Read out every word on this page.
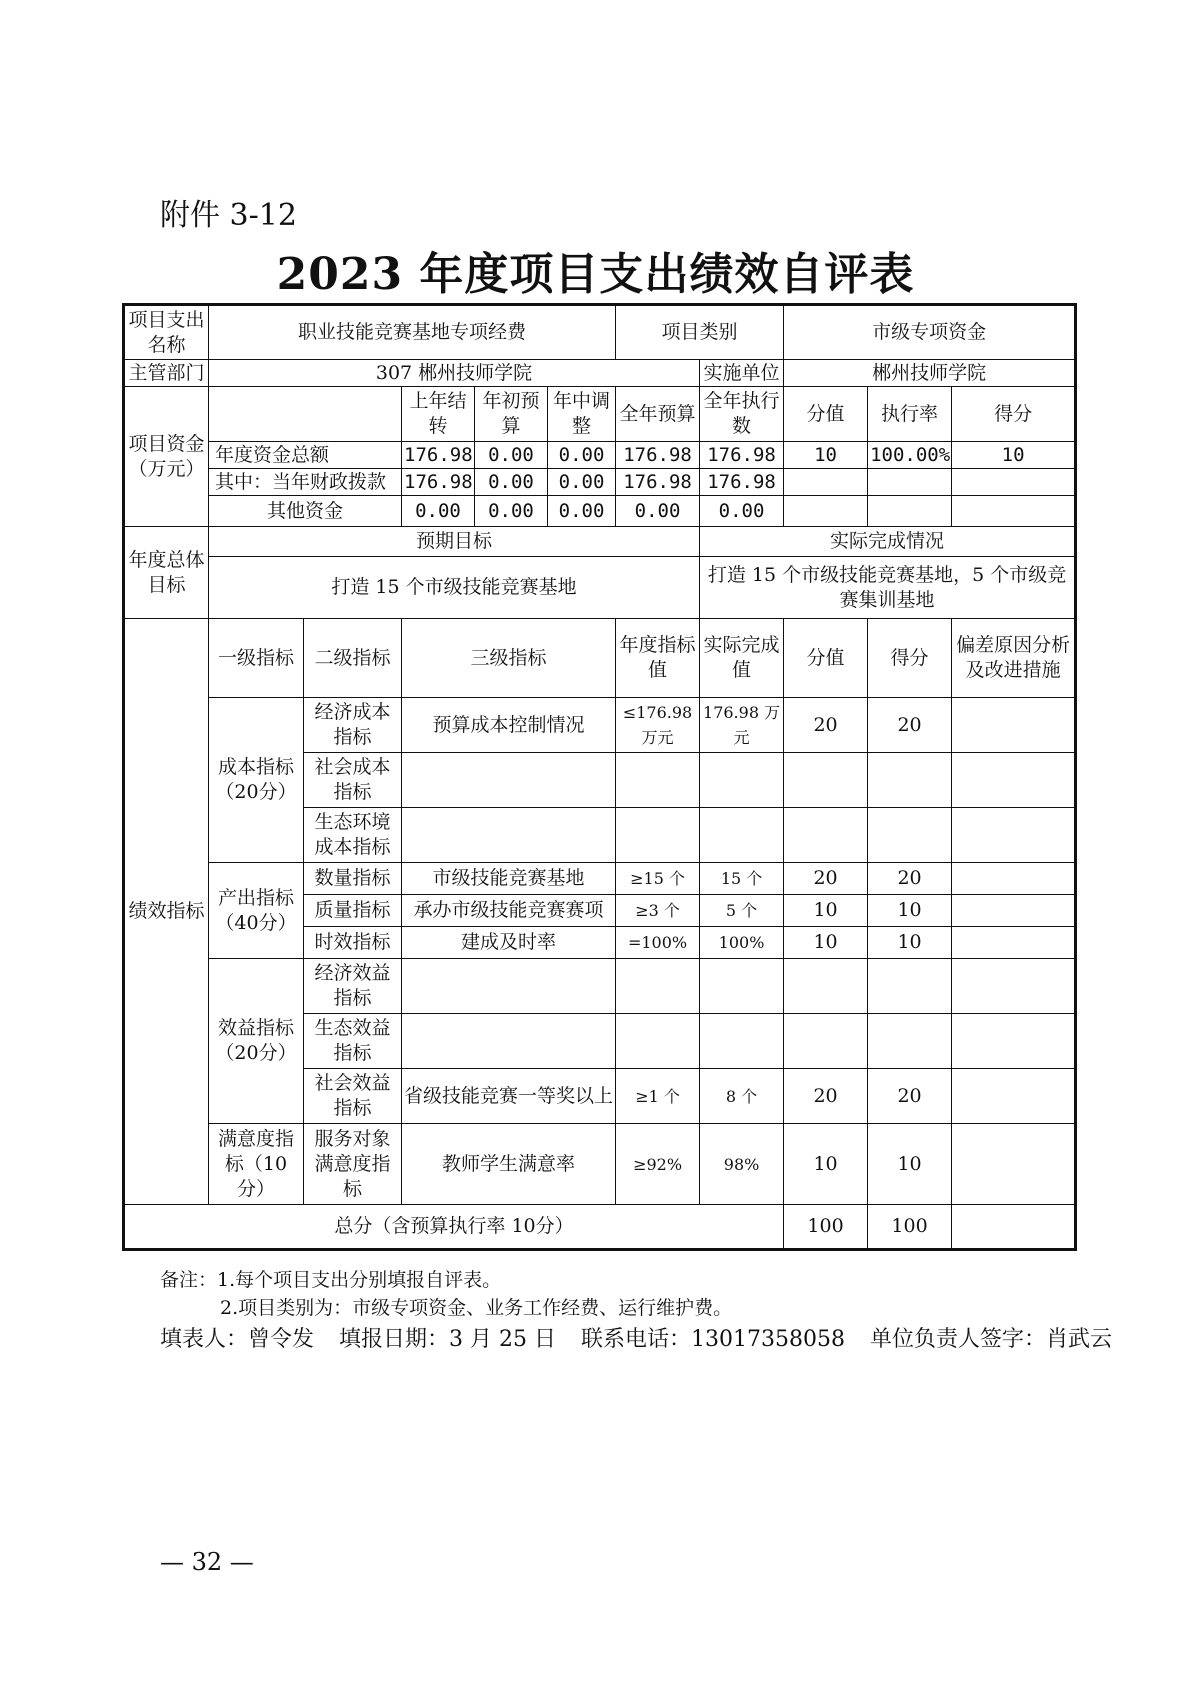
附件 3-12
2023 年度项目支出绩效自评表
项目支出名称	职业技能竞赛基地专项经费					项目类别		市级专项资金		
主管部门	307 郴州技师学院						实施单位	郴州技师学院		
项目资金（万元）			上年结转	年初预算	年中调整	全年预算	全年执行数	分值	执行率	得分
	年度资金总额		176.98	0.00	0.00	176.98	176.98	10	100.00%	10
	其中：当年财政拨款		176.98	0.00	0.00	176.98	176.98			
	其他资金		0.00	0.00	0.00	0.00	0.00			
年度总体目标	预期目标						实际完成情况			
	打造 15 个市级技能竞赛基地						打造 15 个市级技能竞赛基地，5 个市级竞赛集训基地			
绩效指标	一级指标	二级指标	三级指标			年度指标值	实际完成值	分值	得分	偏差原因分析及改进措施
	成本指标（20分）	经济成本指标	预算成本控制情况			≤176.98万元	176.98 万元	20	20	
		社会成本指标								
		生态环境成本指标								
	产出指标（40分）	数量指标	市级技能竞赛基地			≥15 个	15 个	20	20	
		质量指标	承办市级技能竞赛赛项			≥3 个	5 个	10	10	
		时效指标	建成及时率			=100%	100%	10	10	
	效益指标（20分）	经济效益指标								
		生态效益指标								
		社会效益指标	省级技能竞赛一等奖以上			≥1 个	8 个	20	20	
	满意度指标（10分）	服务对象满意度指标	教师学生满意率			≥92%	98%	10	10	
总分（含预算执行率 10分）								100	100	
备注：1.每个项目支出分别填报自评表。
2.项目类别为：市级专项资金、业务工作经费、运行维护费。
填表人：曾令发 填报日期：3 月 25 日 联系电话：13017358058 单位负责人签字：肖武云
— 32 —
